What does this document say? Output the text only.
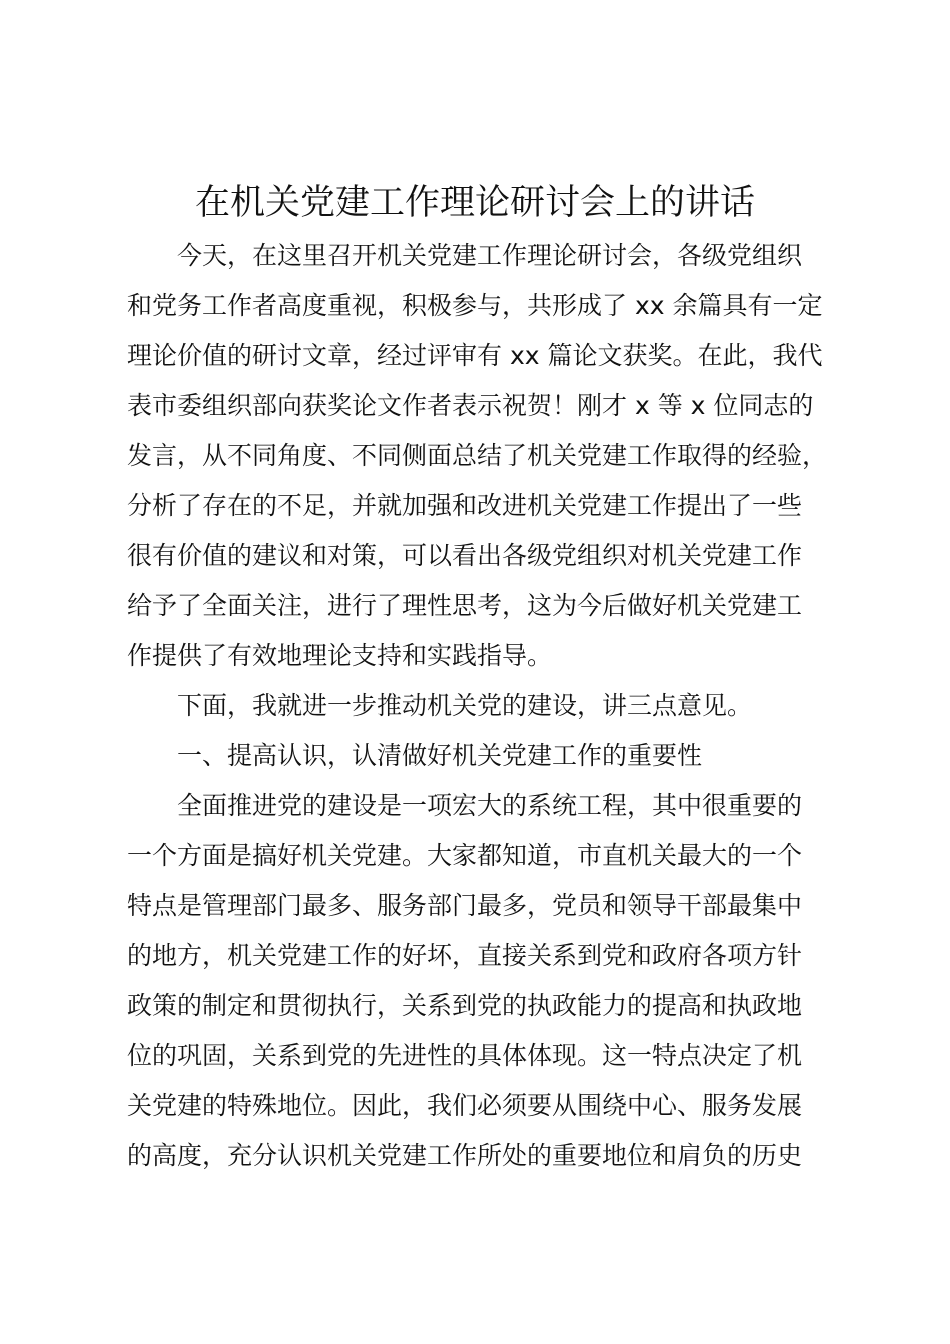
在机关党建工作理论研讨会上的讲话
今天，在这里召开机关党建工作理论研讨会，各级党组织
和党务工作者高度重视，积极参与，共形成了 xx 余篇具有一定
理论价值的研讨文章，经过评审有 xx 篇论文获奖。在此，我代
表市委组织部向获奖论文作者表示祝贺！刚才 x 等 x 位同志的
发言，从不同角度、不同侧面总结了机关党建工作取得的经验，
分析了存在的不足，并就加强和改进机关党建工作提出了一些
很有价值的建议和对策，可以看出各级党组织对机关党建工作
给予了全面关注，进行了理性思考，这为今后做好机关党建工
作提供了有效地理论支持和实践指导。
下面，我就进一步推动机关党的建设，讲三点意见。
一、提高认识，认清做好机关党建工作的重要性
全面推进党的建设是一项宏大的系统工程，其中很重要的
一个方面是搞好机关党建。大家都知道，市直机关最大的一个
特点是管理部门最多、服务部门最多，党员和领导干部最集中
的地方，机关党建工作的好坏，直接关系到党和政府各项方针
政策的制定和贯彻执行，关系到党的执政能力的提高和执政地
位的巩固，关系到党的先进性的具体体现。这一特点决定了机
关党建的特殊地位。因此，我们必须要从围绕中心、服务发展
的高度，充分认识机关党建工作所处的重要地位和肩负的历史
